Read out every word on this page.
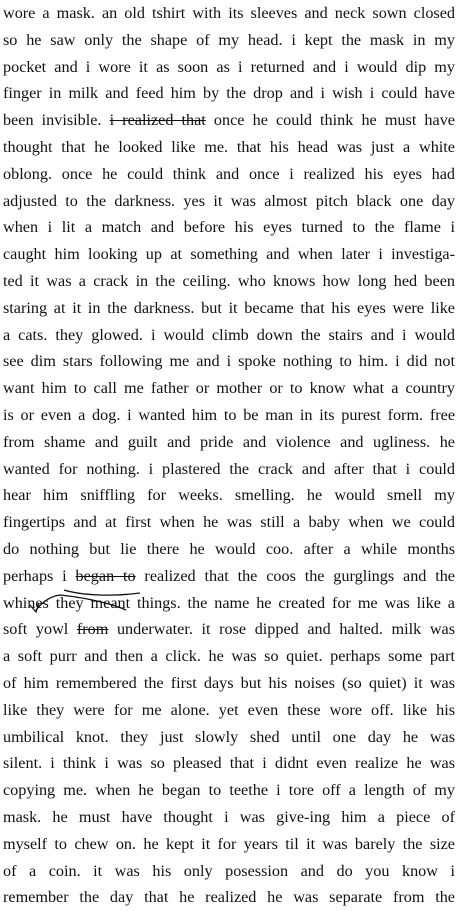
wore a mask. an old tshirt with its sleeves and neck sown closed
so he saw only the shape of my head. i kept the mask in my
pocket and i wore it as soon as i returned and i would dip my
finger in milk and feed him by the drop and i wish i could have
been invisible. i realized that once he could think he must have
thought that he looked like me. that his head was just a white
oblong. once he could think and once i realized his eyes had
adjusted to the darkness. yes it was almost pitch black one day
when i lit a match and before his eyes turned to the flame i
caught him looking up at something and when later i investiga-
ted it was a crack in the ceiling. who knows how long hed been
staring at it in the darkness. but it became that his eyes were like
a cats. they glowed. i would climb down the stairs and i would
see dim stars following me and i spoke nothing to him. i did not
want him to call me father or mother or to know what a country
is or even a dog. i wanted him to be man in its purest form. free
from shame and guilt and pride and violence and ugliness. he
wanted for nothing. i plastered the crack and after that i could
hear him sniffling for weeks. smelling. he would smell my
fingertips and at first when he was still a baby when we could
do nothing but lie there he would coo. after a while months
perhaps i began to realized that the coos the gurglings and the
whines they meant things. the name he created for me was like a
soft yowl from underwater. it rose dipped and halted. milk was
a soft purr and then a click. he was so quiet. perhaps some part
of him remembered the first days but his noises (so quiet) it was
like they were for me alone. yet even these wore off. like his
umbilical knot. they just slowly shed until one day he was
silent. i think i was so pleased that i didnt even realize he was
copying me. when he began to teethe i tore off a length of my
mask. he must have thought i was give-ing him a piece of
myself to chew on. he kept it for years til it was barely the size
of a coin. it was his only posession and do you know i
remember the day that he realized he was separate from the
